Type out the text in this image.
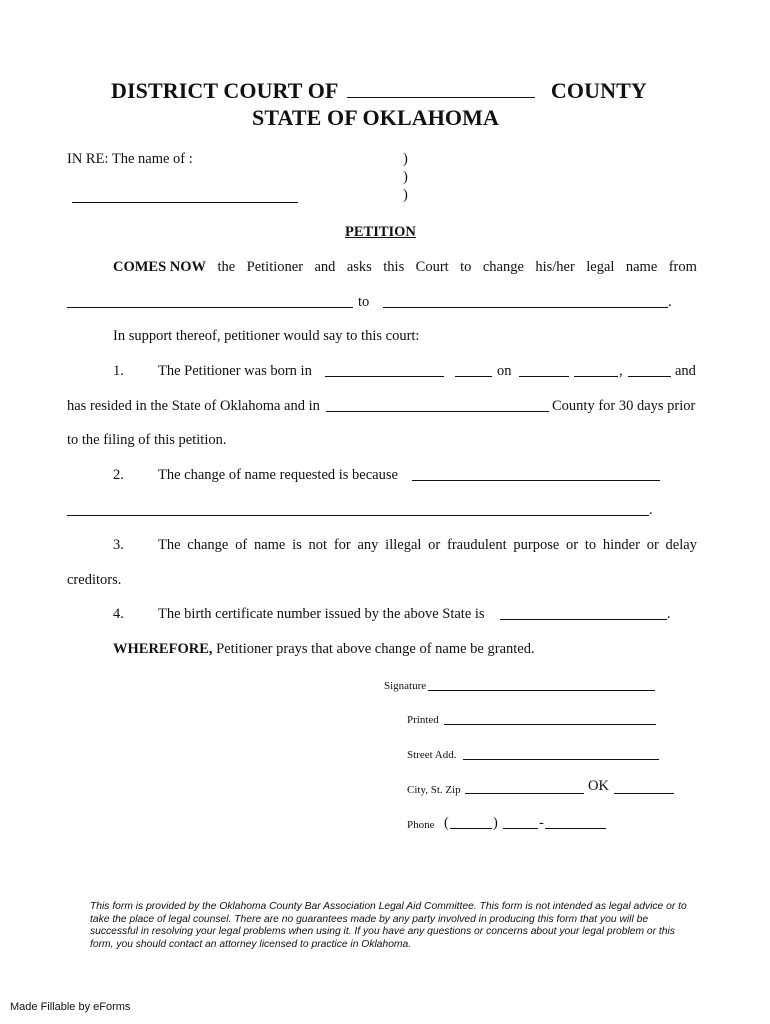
DISTRICT COURT OF	COUNTY
STATE OF OKLAHOMA
IN RE: The name of :	)
)
)
PETITION
COMES NOW the Petitioner and asks this Court to change his/her legal name from
to	.
In support thereof, petitioner would say to this court:
1. The Petitioner was born in	on	,	and
has resided in the State of Oklahoma and in	County for 30 days prior
to the filing of this petition.
2. The change of name requested is because
.
3. The change of name is not for any illegal or fraudulent purpose or to hinder or delay
creditors.
4. The birth certificate number issued by the above State is	.
WHEREFORE, Petitioner prays that above change of name be granted.
Signature
Printed
Street Add.
City, St. Zip	OK
Phone (	)	-
This form is provided by the Oklahoma County Bar Association Legal Aid Committee. This form is not intended as legal advice or to take the place of legal counsel. There are no guarantees made by any party involved in producing this form that you will be successful in resolving your legal problems when using it. If you have any questions or concerns about your legal problem or this form, you should contact an attorney licensed to practice in Oklahoma.
Made Fillable by eForms
